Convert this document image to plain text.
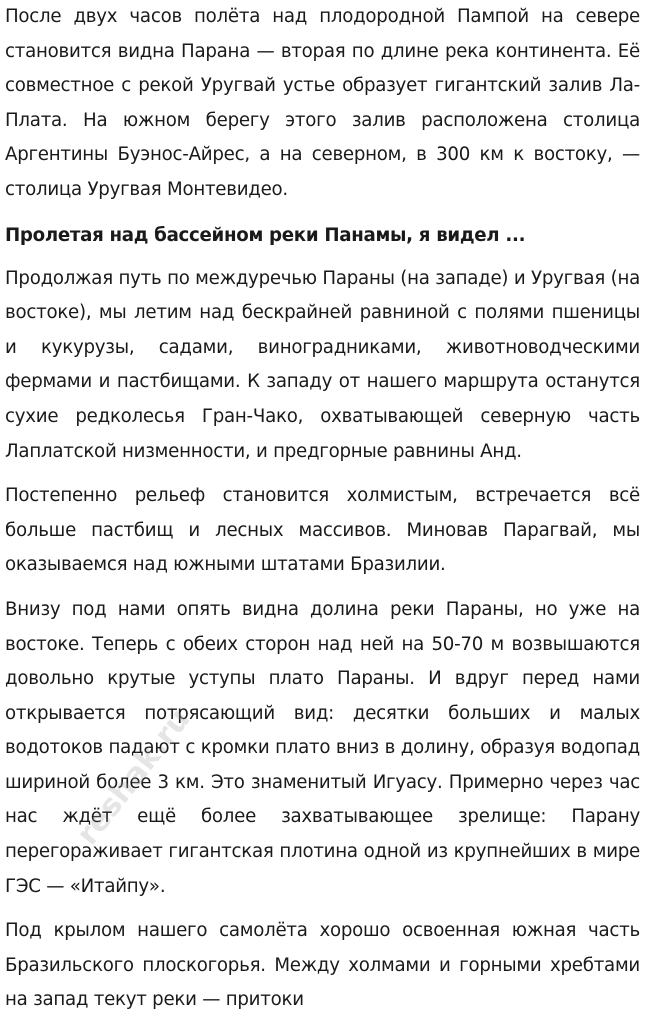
После двух часов полёта над плодородной Пампой на севере становится видна Парана — вторая по длине река континента. Её совместное с рекой Уругвай устье образует гигантский залив Ла-Плата. На южном берегу этого залив расположена столица Аргентины Буэнос-Айрес, а на северном, в 300 км к востоку, — столица Уругвая Монтевидео.

Пролетая над бассейном реки Панамы, я видел ...

Продолжая путь по междуречью Параны (на западе) и Уругвая (на востоке), мы летим над бескрайней равниной с полями пшеницы и кукурузы, садами, виноградниками, животноводческими фермами и пастбищами. К западу от нашего маршрута останутся сухие редколесья Гран-Чако, охватывающей северную часть Лаплатской низменности, и предгорные равнины Анд.

Постепенно рельеф становится холмистым, встречается всё больше пастбищ и лесных массивов. Миновав Парагвай, мы оказываемся над южными штатами Бразилии.

Внизу под нами опять видна долина реки Параны, но уже на востоке. Теперь с обеих сторон над ней на 50-70 м возвышаются довольно крутые уступы плато Параны. И вдруг перед нами открывается потрясающий вид: десятки больших и малых водотоков падают с кромки плато вниз в долину, образуя водопад шириной более 3 км. Это знаменитый Игуасу. Примерно через час нас ждёт ещё более захватывающее зрелище: Парану перегораживает гигантская плотина одной из крупнейших в мире ГЭС — «Итайпу».

Под крылом нашего самолёта хорошо освоенная южная часть Бразильского плоскогорья. Между холмами и горными хребтами на запад текут реки — притоки

reshak.ru
